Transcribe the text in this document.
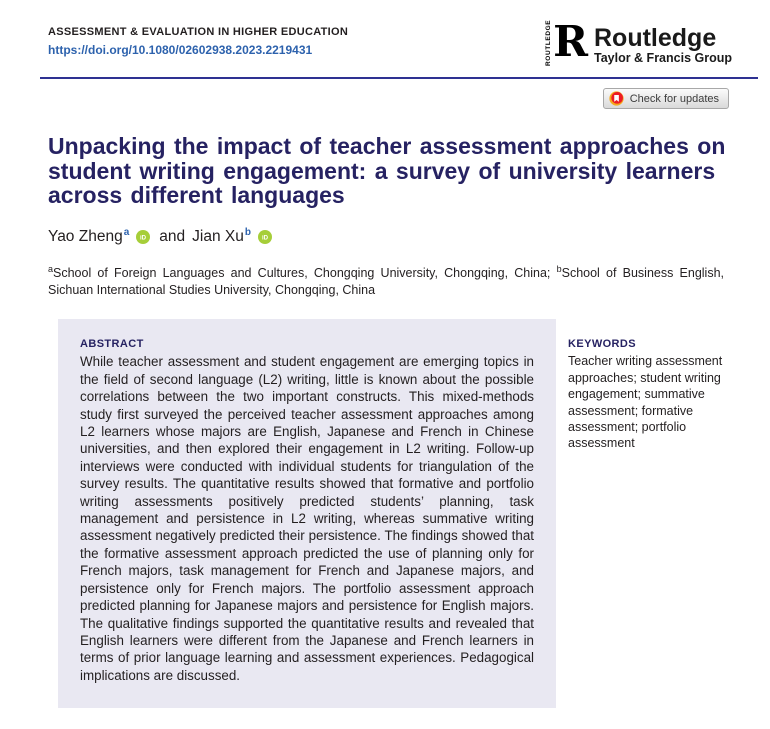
ASSESSMENT & EVALUATION IN HIGHER EDUCATION
https://doi.org/10.1080/02602938.2023.2219431	ROUTLEDGE R Routledge
Taylor & Francis Group
Check for updates
Unpacking the impact of teacher assessment approaches on student writing engagement: a survey of university learners across different languages
Yao Zheng$^a$ iD and Jian Xu$^b$ iD

$^a$School of Foreign Languages and Cultures, Chongqing University, Chongqing, China; $^b$School of Business English, Sichuan International Studies University, Chongqing, China

ABSTRACT

While teacher assessment and student engagement are emerging topics in the field of second language (L2) writing, little is known about the possible correlations between the two important constructs. This mixed-methods study first surveyed the perceived teacher assessment approaches among L2 learners whose majors are English, Japanese and French in Chinese universities, and then explored their engagement in L2 writing. Follow-up interviews were conducted with individual students for triangulation of the survey results. The quantitative results showed that formative and portfolio writing assessments positively predicted students’ planning, task management and persistence in L2 writing, whereas summative writing assessment negatively predicted their persistence. The findings showed that the formative assessment approach predicted the use of planning only for French majors, task management for French and Japanese majors, and persistence only for French majors. The portfolio assessment approach predicted planning for Japanese majors and persistence for English majors. The qualitative findings supported the quantitative results and revealed that English learners were different from the Japanese and French learners in terms of prior language learning and assessment experiences. Pedagogical implications are discussed.

KEYWORDS

Teacher writing assessment approaches; student writing engagement; summative assessment; formative assessment; portfolio assessment
